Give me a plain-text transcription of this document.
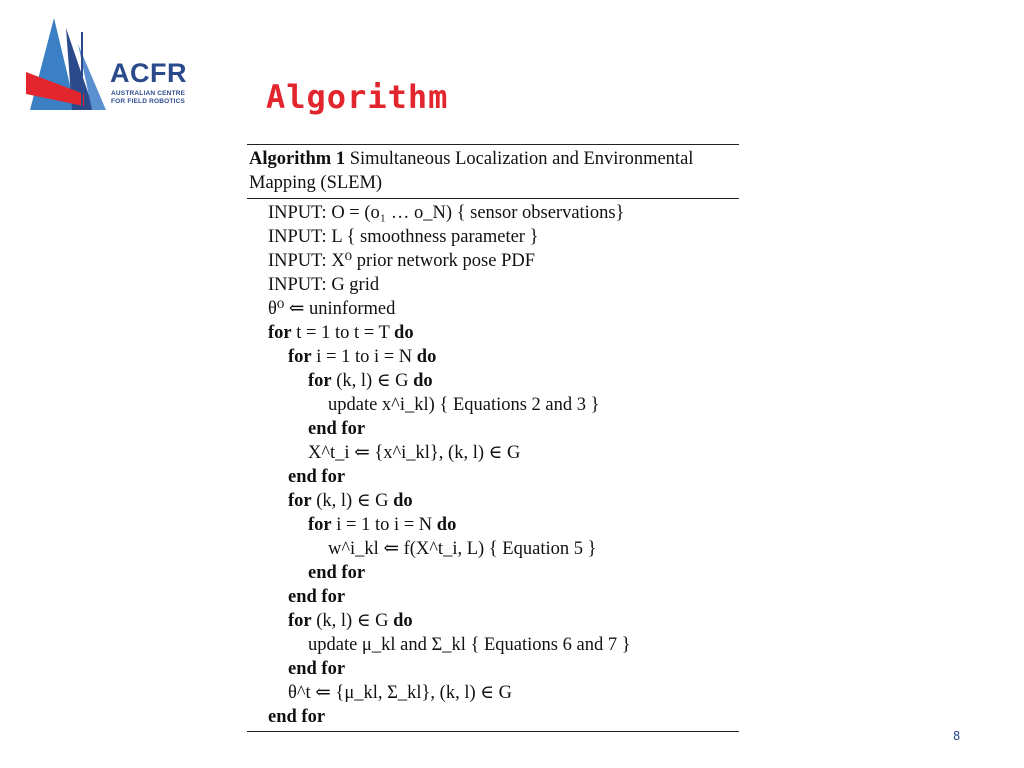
ACFR
AUSTRALIAN CENTRE
FOR FIELD ROBOTICS	Algorithm
Algorithm 1 Simultaneous Localization and Environmental Mapping (SLEM)
INPUT: O = (o₁ … o_N) { sensor observations}
INPUT: L { smoothness parameter }
INPUT: X⁰ prior network pose PDF
INPUT: G grid
θ⁰ ⇐ uninformed
for t = 1 to t = T do
for i = 1 to i = N do
for (k, l) ∈ G do
update x^i_kl) { Equations 2 and 3 }
end for
X^t_i ⇐ {x^i_kl}, (k, l) ∈ G
end for
for (k, l) ∈ G do
for i = 1 to i = N do
w^i_kl ⇐ f(X^t_i, L) { Equation 5 }
end for
end for
for (k, l) ∈ G do
update μ_kl and Σ_kl { Equations 6 and 7 }
end for
θ^t ⇐ {μ_kl, Σ_kl}, (k, l) ∈ G
end for
8
